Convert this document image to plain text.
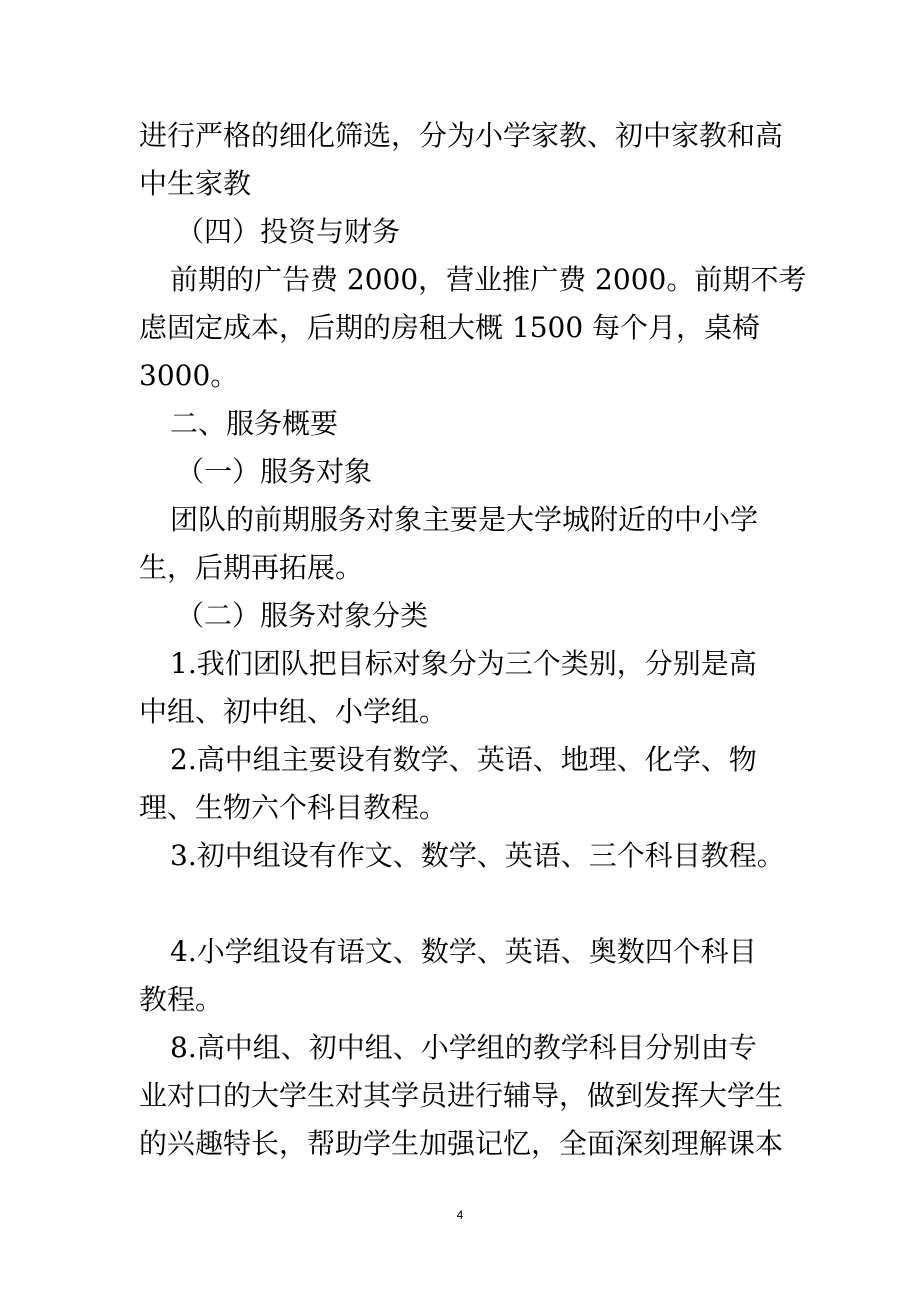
进行严格的细化筛选，分为小学家教、初中家教和高
中生家教
（四）投资与财务
前期的广告费 2000，营业推广费 2000。前期不考
虑固定成本，后期的房租大概 1500 每个月，桌椅
3000。
二、服务概要
（一）服务对象
团队的前期服务对象主要是大学城附近的中小学
生，后期再拓展。
（二）服务对象分类
1.我们团队把目标对象分为三个类别，分别是高
中组、初中组、小学组。
2.高中组主要设有数学、英语、地理、化学、物
理、生物六个科目教程。
3.初中组设有作文、数学、英语、三个科目教程。
4.小学组设有语文、数学、英语、奥数四个科目
教程。
8.高中组、初中组、小学组的教学科目分别由专
业对口的大学生对其学员进行辅导，做到发挥大学生
的兴趣特长，帮助学生加强记忆，全面深刻理解课本
4
